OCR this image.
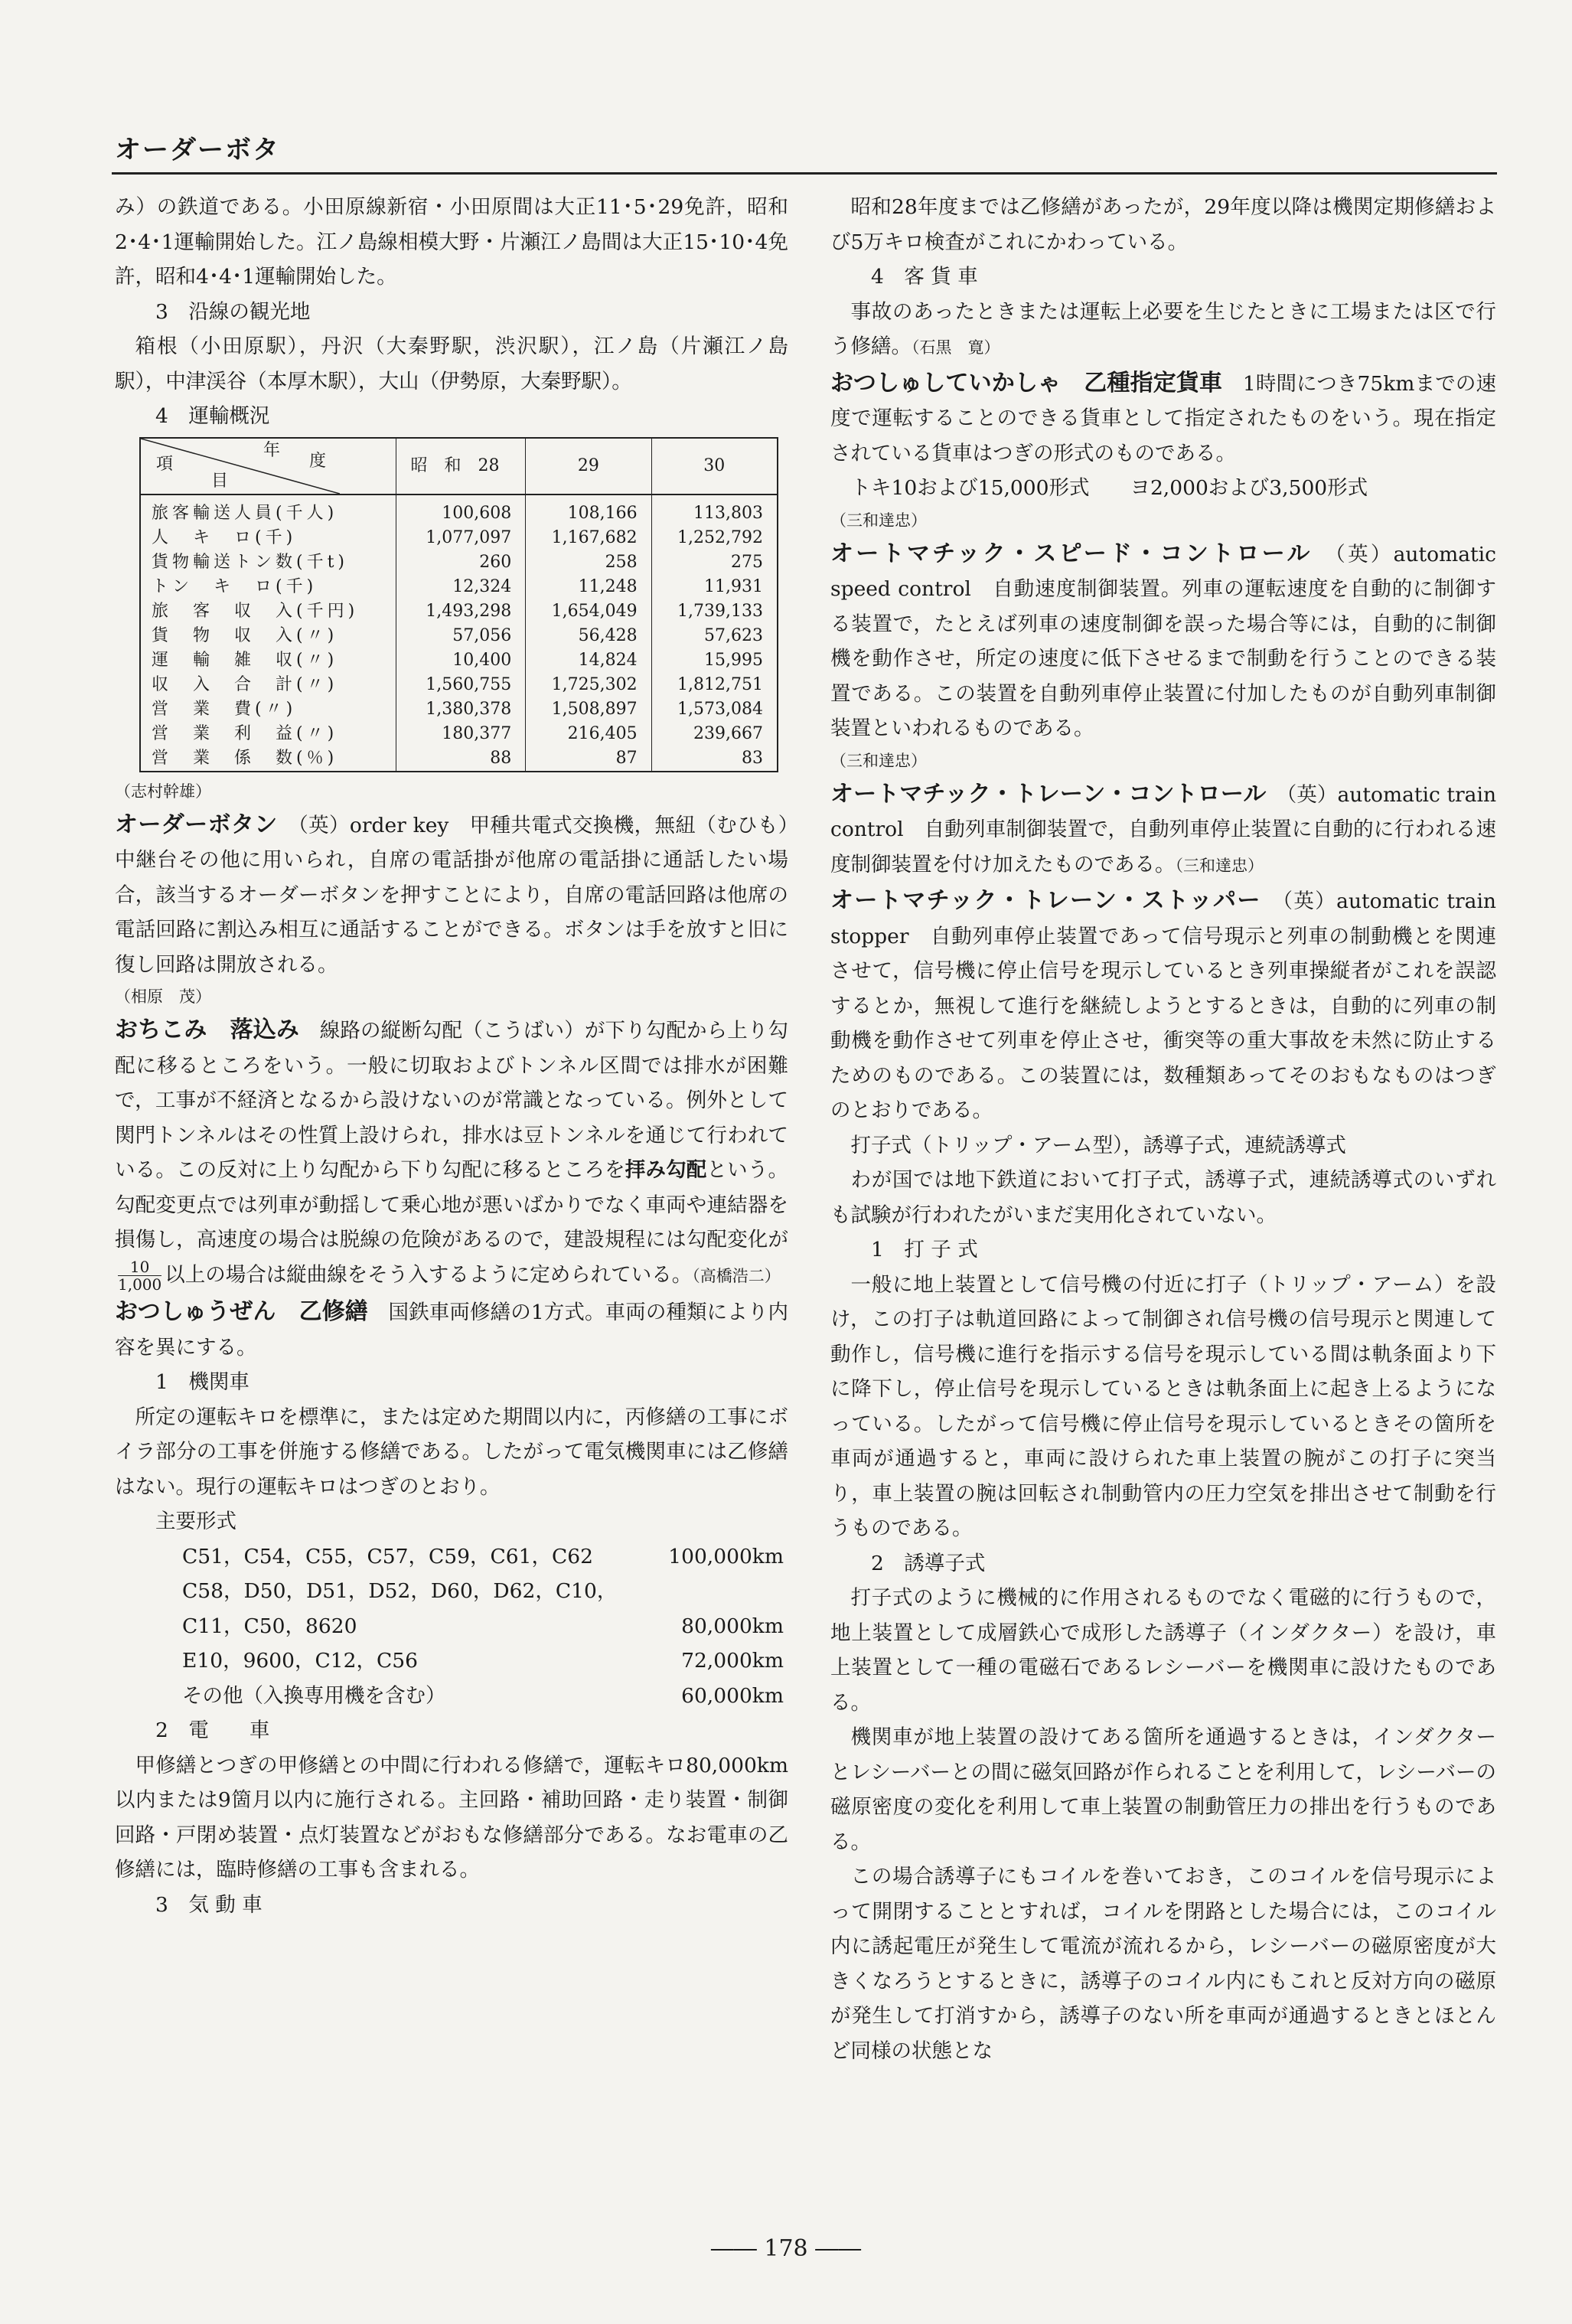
オーダーボタ

み）の鉄道である。小田原線新宿・小田原間は大正11･5･29免許，昭和2･4･1運輸開始した。江ノ島線相模大野・片瀬江ノ島間は大正15･10･4免許，昭和4･4･1運輸開始した。

3　沿線の観光地

箱根（小田原駅），丹沢（大秦野駅，渋沢駅），江ノ島（片瀬江ノ島駅），中津渓谷（本厚木駅），大山（伊勢原，大秦野駅）。

4　運輸概況

年
度
項
目	昭　和　28	29	30
旅客輸送人員(千人)	100,608	108,166	113,803
人　キ　ロ(千)	1,077,097	1,167,682	1,252,792
貨物輸送トン数(千t)	260	258	275
トン　キ　ロ(千)	12,324	11,248	11,931
旅　客　収　入(千円)	1,493,298	1,654,049	1,739,133
貨　物　収　入(〃)	57,056	56,428	57,623
運　輸　雑　収(〃)	10,400	14,824	15,995
収　入　合　計(〃)	1,560,755	1,725,302	1,812,751
営　業　費(〃)	1,380,378	1,508,897	1,573,084
営　業　利　益(〃)	180,377	216,405	239,667
営　業　係　数(％)	88	87	83

（志村幹雄）

オーダーボタン　 （英）order key　甲種共電式交換機，無紐（むひも）中継台その他に用いられ，自席の電話掛が他席の電話掛に通話したい場合，該当するオーダーボタンを押すことにより，自席の電話回路は他席の電話回路に割込み相互に通話することができる。ボタンは手を放すと旧に復し回路は開放される。

（相原　茂）

おちこみ　落込み　 線路の縦断勾配（こうばい）が下り勾配から上り勾配に移るところをいう。一般に切取およびトンネル区間では排水が困難で，工事が不経済となるから設けないのが常識となっている。例外として関門トンネルはその性質上設けられ，排水は豆トンネルを通じて行われている。この反対に上り勾配から下り勾配に移るところを拝み勾配という。勾配変更点では列車が動揺して乗心地が悪いばかりでなく車両や連結器を損傷し，高速度の場合は脱線の危険があるので，建設規程には勾配変化が
$\frac{10}{1,000}$ 以上の場合は縦曲線をそう入するように定められている。（高橋浩二）

おつしゅうぜん　乙修繕　 国鉄車両修繕の1方式。車両の種類により内容を異にする。

1　機関車

所定の運転キロを標準に，または定めた期間以内に，丙修繕の工事にボイラ部分の工事を併施する修繕である。したがって電気機関車には乙修繕はない。現行の運転キロはつぎのとおり。

主要形式

C51，C54，C55，C57，C59，C61，C62	100,000km
C58，D50，D51，D52，D60，D62，C10，
C11，C50，8620	80,000km
E10，9600，C12，C56	72,000km
その他（入換専用機を含む）	60,000km

2　電　　車

甲修繕とつぎの甲修繕との中間に行われる修繕で，運転キロ80,000km以内または9箇月以内に施行される。主回路・補助回路・走り装置・制御回路・戸閉め装置・点灯装置などがおもな修繕部分である。なお電車の乙修繕には，臨時修繕の工事も含まれる。

3　気 動 車

昭和28年度までは乙修繕があったが，29年度以降は機関定期修繕および5万キロ検査がこれにかわっている。

4　客 貨 車

事故のあったときまたは運転上必要を生じたときに工場または区で行う修繕。（石黒　寛）

おつしゅしていかしゃ　乙種指定貨車　 1時間につき75kmまでの速度で運転することのできる貨車として指定されたものをいう。現在指定されている貨車はつぎの形式のものである。

トキ10および15,000形式　　ヨ2,000および3,500形式

（三和達忠）

オートマチック・スピード・コントロール　 （英）automatic speed control　自動速度制御装置。列車の運転速度を自動的に制御する装置で，たとえば列車の速度制御を誤った場合等には，自動的に制御機を動作させ，所定の速度に低下させるまで制動を行うことのできる装置である。この装置を自動列車停止装置に付加したものが自動列車制御装置といわれるものである。

（三和達忠）

オートマチック・トレーン・コントロール　 （英）automatic train control　自動列車制御装置で，自動列車停止装置に自動的に行われる速度制御装置を付け加えたものである。（三和達忠）

オートマチック・トレーン・ストッパー　 （英）automatic train stopper　自動列車停止装置であって信号現示と列車の制動機とを関連させて，信号機に停止信号を現示しているとき列車操縦者がこれを誤認するとか，無視して進行を継続しようとするときは，自動的に列車の制動機を動作させて列車を停止させ，衝突等の重大事故を未然に防止するためのものである。この装置には，数種類あってそのおもなものはつぎのとおりである。

打子式（トリップ・アーム型），誘導子式，連続誘導式

わが国では地下鉄道において打子式，誘導子式，連続誘導式のいずれも試験が行われたがいまだ実用化されていない。

1　打 子 式

一般に地上装置として信号機の付近に打子（トリップ・アーム）を設け，この打子は軌道回路によって制御され信号機の信号現示と関連して動作し，信号機に進行を指示する信号を現示している間は軌条面より下に降下し，停止信号を現示しているときは軌条面上に起き上るようになっている。したがって信号機に停止信号を現示しているときその箇所を車両が通過すると，車両に設けられた車上装置の腕がこの打子に突当り，車上装置の腕は回転され制動管内の圧力空気を排出させて制動を行うものである。

2　誘導子式

打子式のように機械的に作用されるものでなく電磁的に行うもので，地上装置として成層鉄心で成形した誘導子（インダクター）を設け，車上装置として一種の電磁石であるレシーバーを機関車に設けたものである。

機関車が地上装置の設けてある箇所を通過するときは，インダクターとレシーバーとの間に磁気回路が作られることを利用して，レシーバーの磁原密度の変化を利用して車上装置の制動管圧力の排出を行うものである。

この場合誘導子にもコイルを巻いておき，このコイルを信号現示によって開閉することとすれば，コイルを閉路とした場合には，このコイル内に誘起電圧が発生して電流が流れるから，レシーバーの磁原密度が大きくなろうとするときに，誘導子のコイル内にもこれと反対方向の磁原が発生して打消すから，誘導子のない所を車両が通過するときとほとんど同様の状態とな

―― 178 ――
